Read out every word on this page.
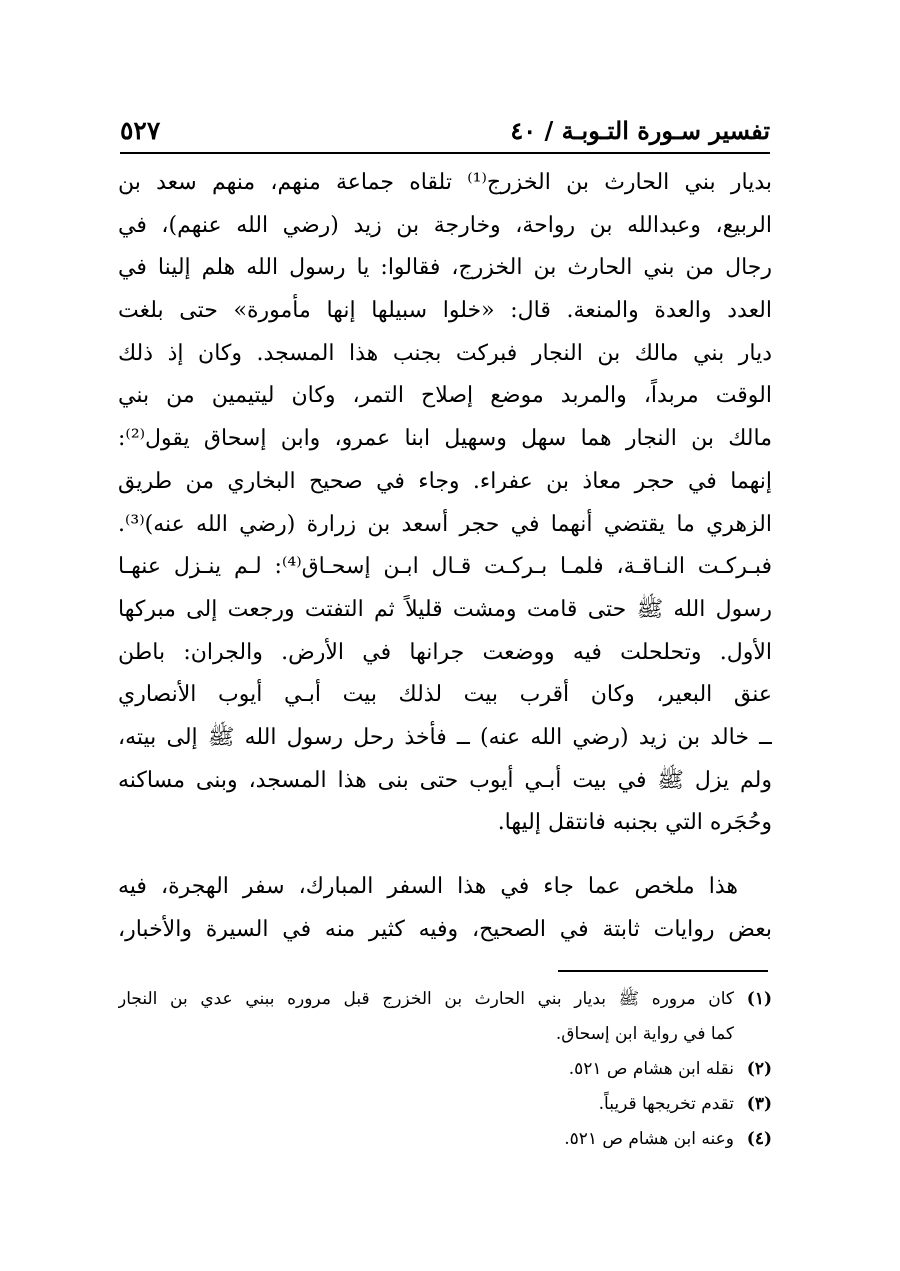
تفسير سـورة التـوبـة / ٤٠
٥٢٧
بديار بني الحارث بن الخزرج⁽¹⁾ تلقاه جماعة منهم، منهم سعد بن
الربيع، وعبدالله بن رواحة، وخارجة بن زيد (رضي الله عنهم)، في
رجال من بني الحارث بن الخزرج، فقالوا: يا رسول الله هلم إلينا في
العدد والعدة والمنعة. قال: «خلوا سبيلها إنها مأمورة» حتى بلغت
ديار بني مالك بن النجار فبركت بجنب هذا المسجد. وكان إذ ذلك
الوقت مربداً، والمربد موضع إصلاح التمر، وكان ليتيمين من بني
مالك بن النجار هما سهل وسهيل ابنا عمرو، وابن إسحاق يقول⁽²⁾:
إنهما في حجر معاذ بن عفراء. وجاء في صحيح البخاري من طريق
الزهري ما يقتضي أنهما في حجر أسعد بن زرارة (رضي الله عنه)⁽³⁾.
فبـركـت النـاقـة، فلمـا بـركـت قـال ابـن إسحـاق⁽⁴⁾: لـم ينـزل عنهـا
رسول الله ﷺ حتى قامت ومشت قليلاً ثم التفتت ورجعت إلى مبركها
الأول. وتحلحلت فيه ووضعت جرانها في الأرض. والجران: باطن
عنق البعير، وكان أقرب بيت لذلك بيت أبـي أيوب الأنصاري
ــ خالد بن زيد (رضي الله عنه) ــ فأخذ رحل رسول الله ﷺ إلى بيته،
ولم يزل ﷺ في بيت أبـي أيوب حتى بنى هذا المسجد، وبنى مساكنه
وحُجَره التي بجنبه فانتقل إليها.
هذا ملخص عما جاء في هذا السفر المبارك، سفر الهجرة، فيه
بعض روايات ثابتة في الصحيح، وفيه كثير منه في السيرة والأخبار،
(١)كان مروره ﷺ بديار بني الحارث بن الخزرج قبل مروره ببني عدي بن النجار
كما في رواية ابن إسحاق.
(٢)نقله ابن هشام ص ٥٢١.
(٣)تقدم تخريجها قريباً.
(٤)وعنه ابن هشام ص ٥٢١.
